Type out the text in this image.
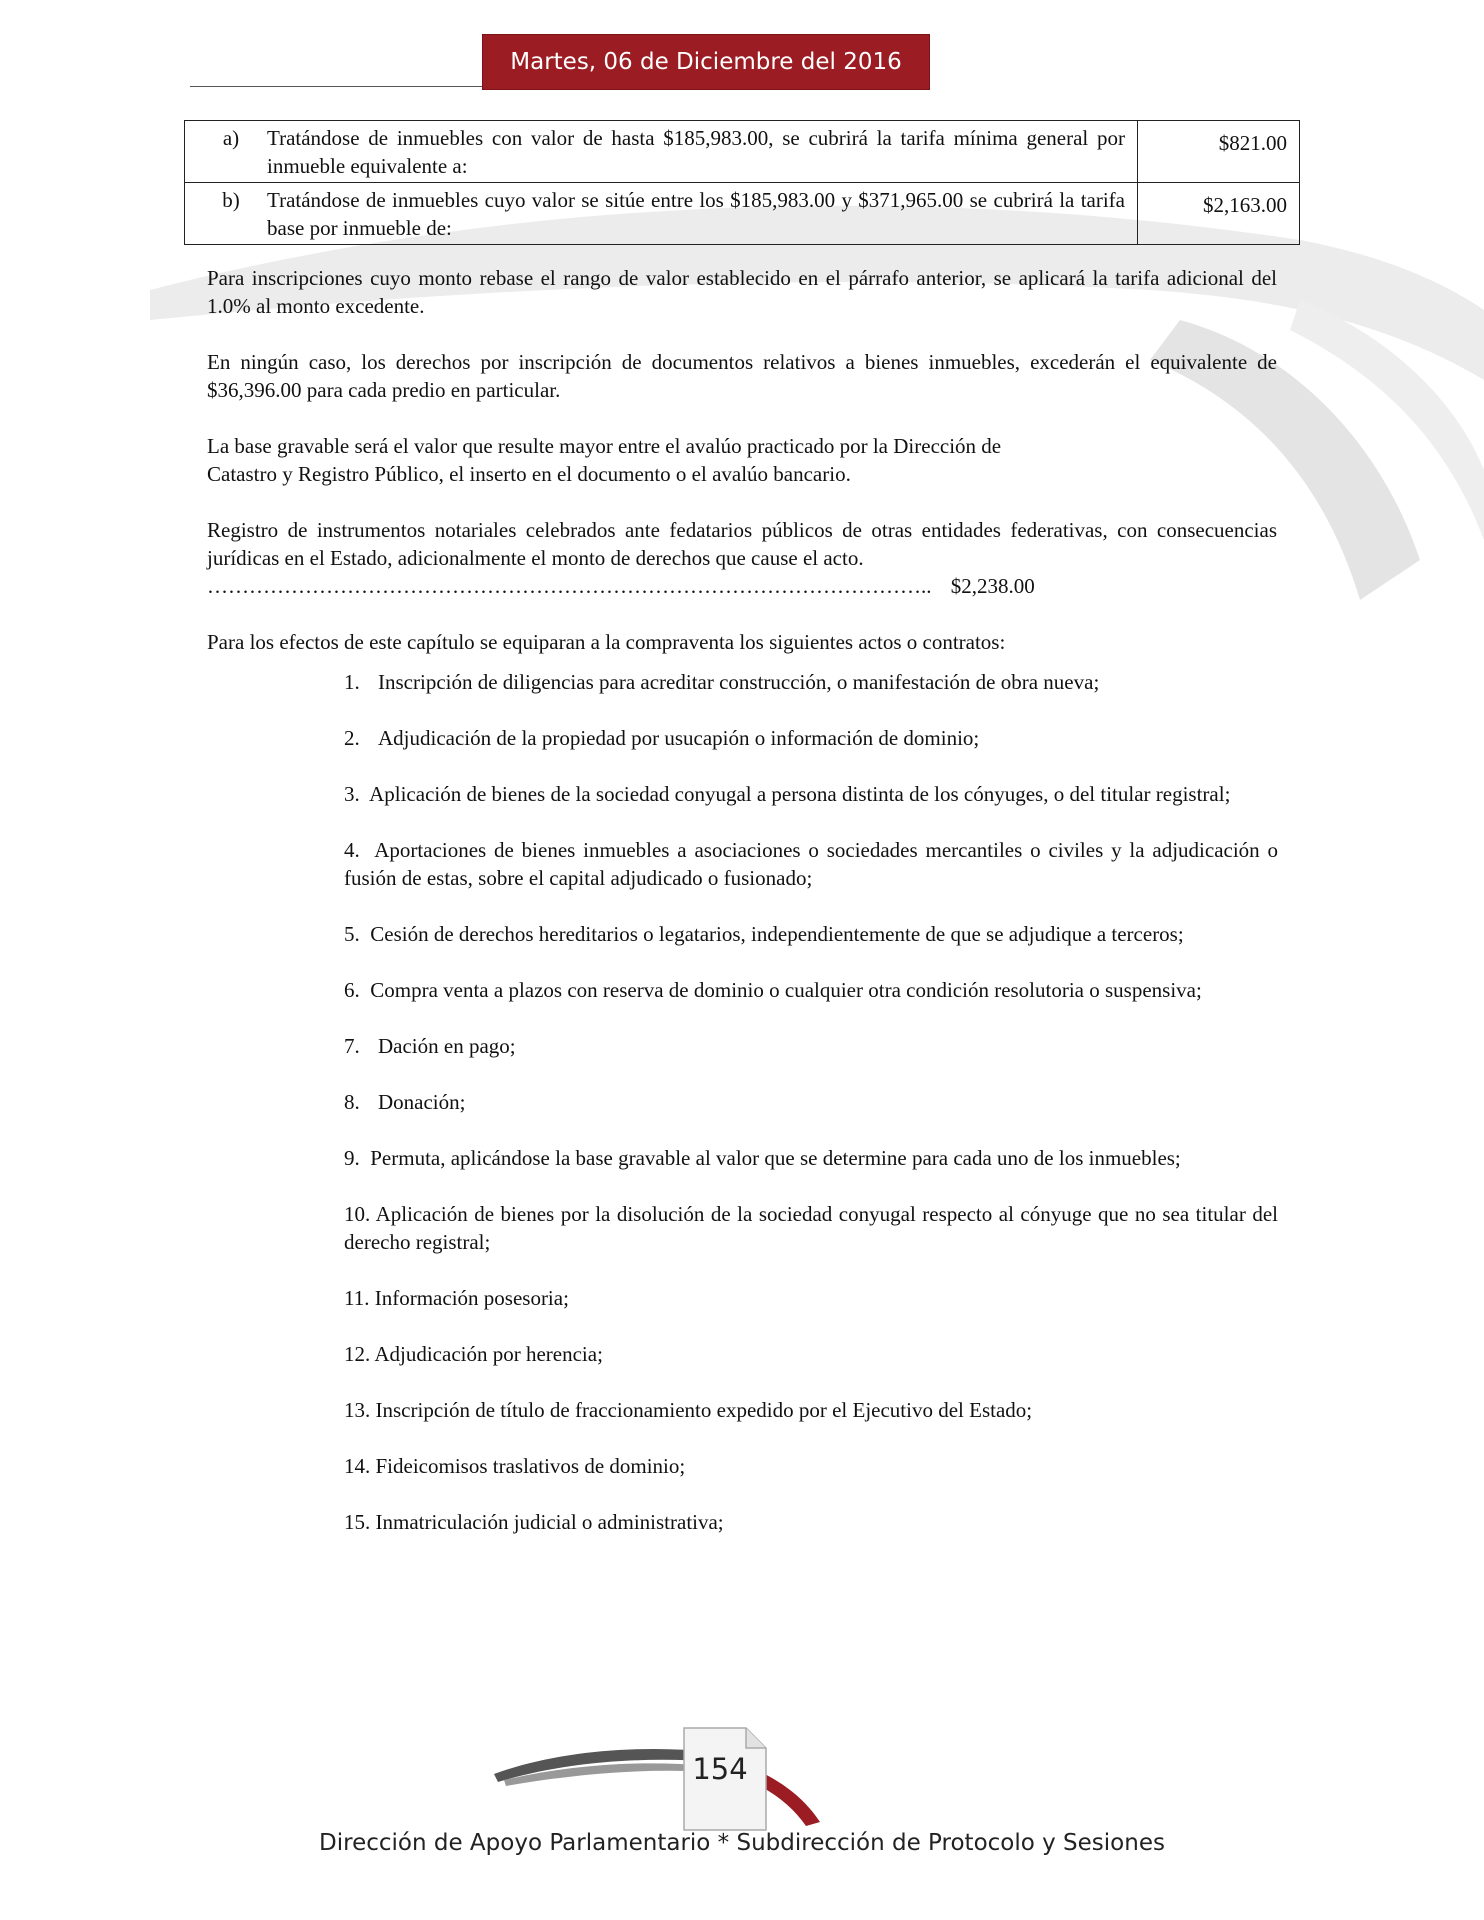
Martes, 06 de Diciembre del 2016
a) Tratándose de inmuebles con valor de hasta $185,983.00, se cubrirá la tarifa mínima general por inmueble equivalente a:	$821.00

b) Tratándose de inmuebles cuyo valor se sitúe entre los $185,983.00 y $371,965.00 se cubrirá la tarifa base por inmueble de:	$2,163.00

Para inscripciones cuyo monto rebase el rango de valor establecido en el párrafo anterior, se aplicará la tarifa adicional del 1.0% al monto excedente.

En ningún caso, los derechos por inscripción de documentos relativos a bienes inmuebles, excederán el equivalente de $36,396.00 para cada predio en particular.

La base gravable será el valor que resulte mayor entre el avalúo practicado por la Dirección de
Catastro y Registro Público, el inserto en el documento o el avalúo bancario.
Registro de instrumentos notariales celebrados ante fedatarios públicos de otras entidades federativas, con consecuencias jurídicas en el Estado, adicionalmente el monto de derechos que cause el acto.
………………………………………………………………………………………….. $2,238.00

Para los efectos de este capítulo se equiparan a la compraventa los siguientes actos o contratos:

1. Inscripción de diligencias para acreditar construcción, o manifestación de obra nueva;
2. Adjudicación de la propiedad por usucapión o información de dominio;
3. Aplicación de bienes de la sociedad conyugal a persona distinta de los cónyuges, o del titular registral;
4. Aportaciones de bienes inmuebles a asociaciones o sociedades mercantiles o civiles y la adjudicación o fusión de estas, sobre el capital adjudicado o fusionado;
5. Cesión de derechos hereditarios o legatarios, independientemente de que se adjudique a terceros;
6. Compra venta a plazos con reserva de dominio o cualquier otra condición resolutoria o suspensiva;
7. Dación en pago;
8. Donación;
9. Permuta, aplicándose la base gravable al valor que se determine para cada uno de los inmuebles;
10. Aplicación de bienes por la disolución de la sociedad conyugal respecto al cónyuge que no sea titular del derecho registral;
11. Información posesoria;
12. Adjudicación por herencia;
13. Inscripción de título de fraccionamiento expedido por el Ejecutivo del Estado;
14. Fideicomisos traslativos de dominio;
15. Inmatriculación judicial o administrativa;
154
Dirección de Apoyo Parlamentario * Subdirección de Protocolo y Sesiones
